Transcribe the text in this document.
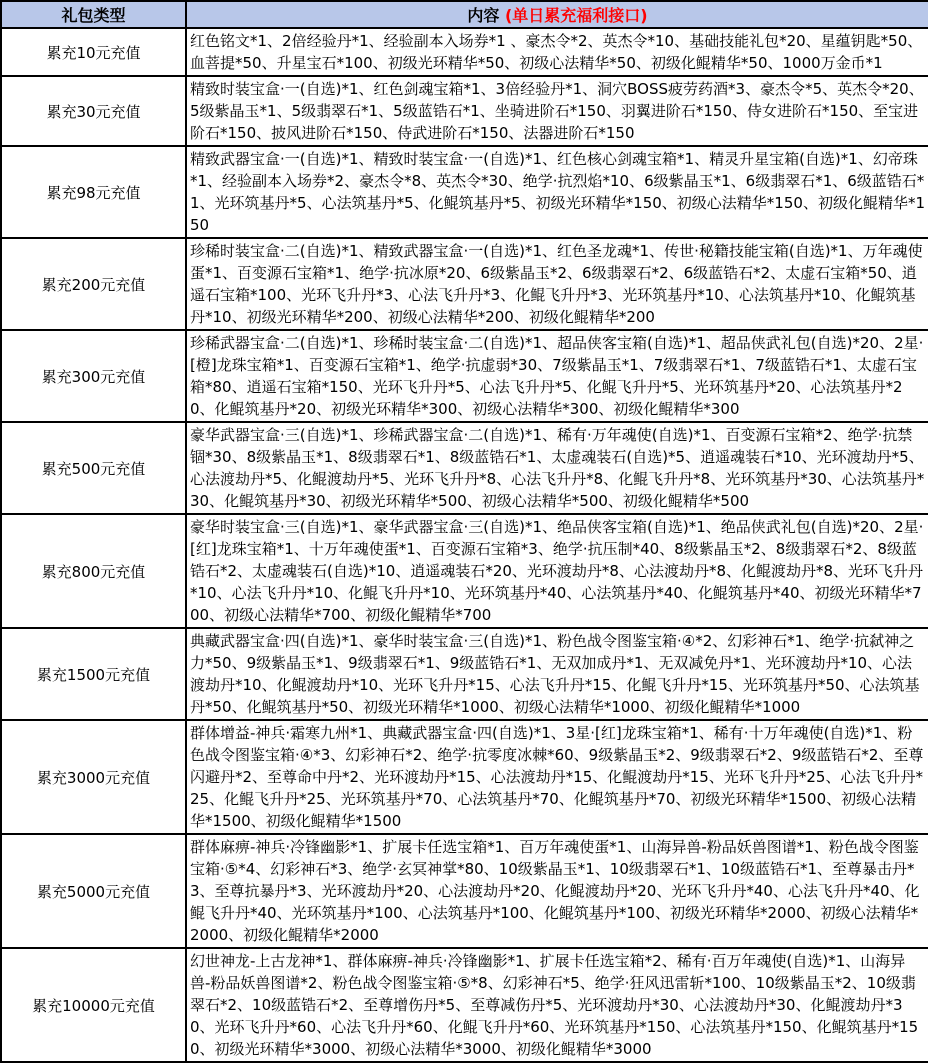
礼包类型	内容 (单日累充福利接口)
累充10元充值	红色铭文*1、2倍经验丹*1、经验副本入场券*1 、豪杰令*2、英杰令*10、基础技能礼包*20、星蕴钥匙*50、血菩提*50、升星宝石*100、初级光环精华*50、初级心法精华*50、初级化鲲精华*50、1000万金币*1
累充30元充值	精致时装宝盒·一(自选)*1、红色剑魂宝箱*1、3倍经验丹*1、洞穴BOSS疲劳药酒*3、豪杰令*5、英杰令*20、5级紫晶玉*1、5级翡翠石*1、5级蓝锆石*1、坐骑进阶石*150、羽翼进阶石*150、侍女进阶石*150、至宝进阶石*150、披风进阶石*150、侍武进阶石*150、法器进阶石*150
累充98元充值	精致武器宝盒·一(自选)*1、精致时装宝盒·一(自选)*1、红色核心剑魂宝箱*1、精灵升星宝箱(自选)*1、幻帝珠*1、经验副本入场券*2、豪杰令*8、英杰令*30、绝学·抗烈焰*10、6级紫晶玉*1、6级翡翠石*1、6级蓝锆石*1、光环筑基丹*5、心法筑基丹*5、化鲲筑基丹*5、初级光环精华*150、初级心法精华*150、初级化鲲精华*150
累充200元充值	珍稀时装宝盒·二(自选)*1、精致武器宝盒·一(自选)*1、红色圣龙魂*1、传世·秘籍技能宝箱(自选)*1、万年魂使蛋*1、百变源石宝箱*1、绝学·抗冰原*20、6级紫晶玉*2、6级翡翠石*2、6级蓝锆石*2、太虚石宝箱*50、逍遥石宝箱*100、光环飞升丹*3、心法飞升丹*3、化鲲飞升丹*3、光环筑基丹*10、心法筑基丹*10、化鲲筑基丹*10、初级光环精华*200、初级心法精华*200、初级化鲲精华*200
累充300元充值	珍稀武器宝盒·二(自选)*1、珍稀时装宝盒·二(自选)*1、超品侠客宝箱(自选)*1、超品侠武礼包(自选)*20、2星·[橙]龙珠宝箱*1、百变源石宝箱*1、绝学·抗虚弱*30、7级紫晶玉*1、7级翡翠石*1、7级蓝锆石*1、太虚石宝箱*80、逍遥石宝箱*150、光环飞升丹*5、心法飞升丹*5、化鲲飞升丹*5、光环筑基丹*20、心法筑基丹*20、化鲲筑基丹*20、初级光环精华*300、初级心法精华*300、初级化鲲精华*300
累充500元充值	豪华武器宝盒·三(自选)*1、珍稀武器宝盒·二(自选)*1、稀有·万年魂使(自选)*1、百变源石宝箱*2、绝学·抗禁锢*30、8级紫晶玉*1、8级翡翠石*1、8级蓝锆石*1、太虚魂装石(自选)*5、逍遥魂装石*10、光环渡劫丹*5、心法渡劫丹*5、化鲲渡劫丹*5、光环飞升丹*8、心法飞升丹*8、化鲲飞升丹*8、光环筑基丹*30、心法筑基丹*30、化鲲筑基丹*30、初级光环精华*500、初级心法精华*500、初级化鲲精华*500
累充800元充值	豪华时装宝盒·三(自选)*1、豪华武器宝盒·三(自选)*1、绝品侠客宝箱(自选)*1、绝品侠武礼包(自选)*20、2星·[红]龙珠宝箱*1、十万年魂使蛋*1、百变源石宝箱*3、绝学·抗压制*40、8级紫晶玉*2、8级翡翠石*2、8级蓝锆石*2、太虚魂装石(自选)*10、逍遥魂装石*20、光环渡劫丹*8、心法渡劫丹*8、化鲲渡劫丹*8、光环飞升丹*10、心法飞升丹*10、化鲲飞升丹*10、光环筑基丹*40、心法筑基丹*40、化鲲筑基丹*40、初级光环精华*700、初级心法精华*700、初级化鲲精华*700
累充1500元充值	典藏武器宝盒·四(自选)*1、豪华时装宝盒·三(自选)*1、粉色战令图鉴宝箱·④*2、幻彩神石*1、绝学·抗弑神之力*50、9级紫晶玉*1、9级翡翠石*1、9级蓝锆石*1、无双加成丹*1、无双减免丹*1、光环渡劫丹*10、心法渡劫丹*10、化鲲渡劫丹*10、光环飞升丹*15、心法飞升丹*15、化鲲飞升丹*15、光环筑基丹*50、心法筑基丹*50、化鲲筑基丹*50、初级光环精华*1000、初级心法精华*1000、初级化鲲精华*1000
累充3000元充值	群体增益-神兵·霜寒九州*1、典藏武器宝盒·四(自选)*1、3星·[红]龙珠宝箱*1、稀有·十万年魂使(自选)*1、粉色战令图鉴宝箱·④*3、幻彩神石*2、绝学·抗零度冰棘*60、9级紫晶玉*2、9级翡翠石*2、9级蓝锆石*2、至尊闪避丹*2、至尊命中丹*2、光环渡劫丹*15、心法渡劫丹*15、化鲲渡劫丹*15、光环飞升丹*25、心法飞升丹*25、化鲲飞升丹*25、光环筑基丹*70、心法筑基丹*70、化鲲筑基丹*70、初级光环精华*1500、初级心法精华*1500、初级化鲲精华*1500
累充5000元充值	群体麻痹-神兵·冷锋幽影*1、扩展卡任选宝箱*1、百万年魂使蛋*1、山海异兽-粉品妖兽图谱*1、粉色战令图鉴宝箱·⑤*4、幻彩神石*3、绝学·玄冥神掌*80、10级紫晶玉*1、10级翡翠石*1、10级蓝锆石*1、至尊暴击丹*3、至尊抗暴丹*3、光环渡劫丹*20、心法渡劫丹*20、化鲲渡劫丹*20、光环飞升丹*40、心法飞升丹*40、化鲲飞升丹*40、光环筑基丹*100、心法筑基丹*100、化鲲筑基丹*100、初级光环精华*2000、初级心法精华*2000、初级化鲲精华*2000
累充10000元充值	幻世神龙-上古龙神*1、群体麻痹-神兵·冷锋幽影*1、扩展卡任选宝箱*2、稀有·百万年魂使(自选)*1、山海异兽-粉品妖兽图谱*2、粉色战令图鉴宝箱·⑤*8、幻彩神石*5、绝学·狂风迅雷斩*100、10级紫晶玉*2、10级翡翠石*2、10级蓝锆石*2、至尊增伤丹*5、至尊减伤丹*5、光环渡劫丹*30、心法渡劫丹*30、化鲲渡劫丹*30、光环飞升丹*60、心法飞升丹*60、化鲲飞升丹*60、光环筑基丹*150、心法筑基丹*150、化鲲筑基丹*150、初级光环精华*3000、初级心法精华*3000、初级化鲲精华*3000
